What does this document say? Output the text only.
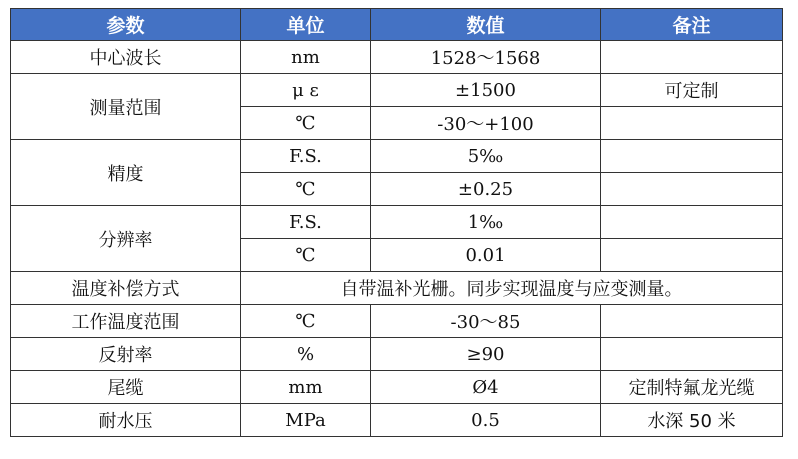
参数	单位	数值	备注
中心波长	nm	1528～1568	
测量范围	μ ε	±1500	可定制
	℃	-30～+100	
精度	F.S.	5‰	
	℃	±0.25	
分辨率	F.S.	1‰	
	℃	0.01	
温度补偿方式	自带温补光栅。同步实现温度与应变测量。		
工作温度范围	℃	-30～85	
反射率	%	≥90	
尾缆	mm	Ø4	定制特氟龙光缆
耐水压	MPa	0.5	水深 50 米
